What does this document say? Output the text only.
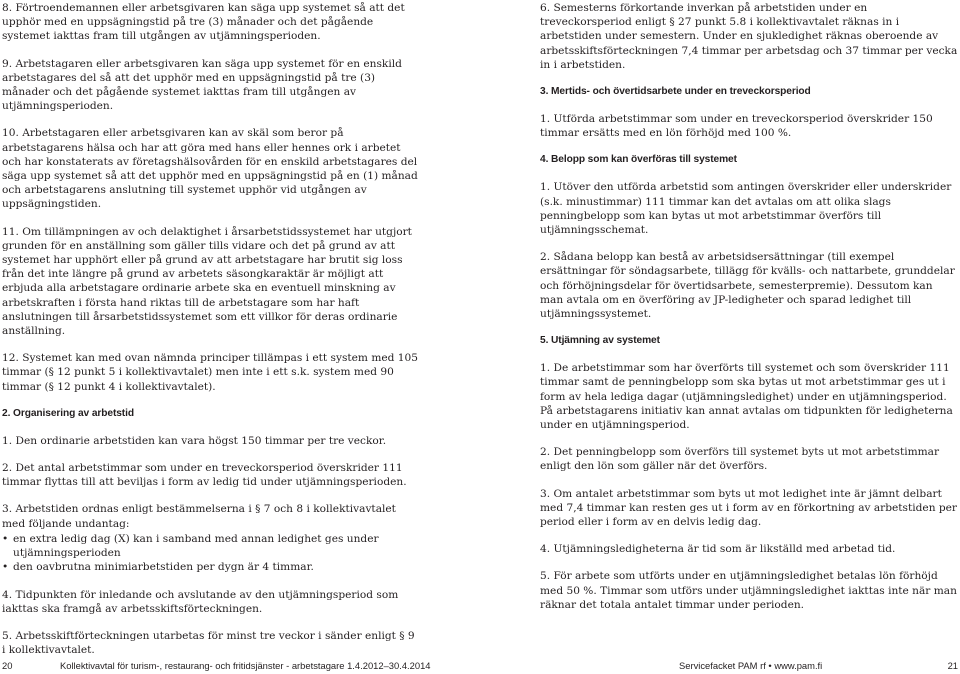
8. Förtroendemannen eller arbetsgivaren kan säga upp systemet så att det upphör med en uppsägningstid på tre (3) månader och det pågående systemet iakttas fram till utgången av utjämningsperioden.

9. Arbetstagaren eller arbetsgivaren kan säga upp systemet för en enskild arbetstagares del så att det upphör med en uppsägningstid på tre (3) månader och det pågående systemet iakttas fram till utgången av utjämningsperioden.

10. Arbetstagaren eller arbetsgivaren kan av skäl som beror på arbetstagarens hälsa och har att göra med hans eller hennes ork i arbetet och har konstaterats av företagshälsovården för en enskild arbetstagares del säga upp systemet så att det upphör med en uppsägningstid på en (1) månad och arbetstagarens anslutning till systemet upphör vid utgången av uppsägningstiden.

11. Om tillämpningen av och delaktighet i årsarbetstidssystemet har utgjort grunden för en anställning som gäller tills vidare och det på grund av att systemet har upphört eller på grund av att arbetstagare har brutit sig loss från det inte längre på grund av arbetets säsongkaraktär är möjligt att erbjuda alla arbetstagare ordinarie arbete ska en eventuell minskning av arbetskraften i första hand riktas till de arbetstagare som har haft anslutningen till årsarbetstidssystemet som ett villkor för deras ordinarie anställning.

12. Systemet kan med ovan nämnda principer tillämpas i ett system med 105 timmar (§ 12 punkt 5 i kollektivavtalet) men inte i ett s.k. system med 90 timmar (§ 12 punkt 4 i kollektivavtalet).

2. Organisering av arbetstid

1. Den ordinarie arbetstiden kan vara högst 150 timmar per tre veckor.

2. Det antal arbetstimmar som under en treveckorsperiod överskrider 111 timmar flyttas till att beviljas i form av ledig tid under utjämningsperioden.

3. Arbetstiden ordnas enligt bestämmelserna i § 7 och 8 i kollektivavtalet med följande undantag:

• en extra ledig dag (X) kan i samband med annan ledighet ges under utjämningsperioden
• den oavbrutna minimiarbetstiden per dygn är 4 timmar.

4. Tidpunkten för inledande och avslutande av den utjämningsperiod som iakttas ska framgå av arbetsskiftsförteckningen.

5. Arbetsskiftförteckningen utarbetas för minst tre veckor i sänder enligt § 9 i kollektivavtalet.

6. Semesterns förkortande inverkan på arbetstiden under en treveckorsperiod enligt § 27 punkt 5.8 i kollektivavtalet räknas in i arbetstiden under semestern. Under en sjukledighet räknas oberoende av arbetsskiftsförteckningen 7,4 timmar per arbetsdag och 37 timmar per vecka in i arbetstiden.

3. Mertids- och övertidsarbete under en treveckorsperiod

1. Utförda arbetstimmar som under en treveckorsperiod överskrider 150 timmar ersätts med en lön förhöjd med 100 %.

4. Belopp som kan överföras till systemet

1. Utöver den utförda arbetstid som antingen överskrider eller underskrider (s.k. minustimmar) 111 timmar kan det avtalas om att olika slags penningbelopp som kan bytas ut mot arbetstimmar överförs till utjämningsschemat.

2. Sådana belopp kan bestå av arbetsidsersättningar (till exempel ersättningar för söndagsarbete, tillägg för kvälls- och nattarbete, grunddelar och förhöjningsdelar för övertidsarbete, semesterpremie). Dessutom kan man avtala om en överföring av JP-ledigheter och sparad ledighet till utjämningssystemet.

5. Utjämning av systemet

1. De arbetstimmar som har överförts till systemet och som överskrider 111 timmar samt de penningbelopp som ska bytas ut mot arbetstimmar ges ut i form av hela lediga dagar (utjämningsledighet) under en utjämningsperiod. På arbetstagarens initiativ kan annat avtalas om tidpunkten för ledigheterna under en utjämningsperiod.

2. Det penningbelopp som överförs till systemet byts ut mot arbetstimmar enligt den lön som gäller när det överförs.

3. Om antalet arbetstimmar som byts ut mot ledighet inte är jämnt delbart med 7,4 timmar kan resten ges ut i form av en förkortning av arbetstiden per period eller i form av en delvis ledig dag.

4. Utjämningsledigheterna är tid som är likställd med arbetad tid.

5. För arbete som utförts under en utjämningsledighet betalas lön förhöjd med 50 %. Timmar som utförs under utjämningsledighet iakttas inte när man räknar det totala antalet timmar under perioden.

20	Kollektivavtal för turism-, restaurang- och fritidsjänster - arbetstagare 1.4.2012–30.4.2014	Servicefacket PAM rf • www.pam.fi	21
